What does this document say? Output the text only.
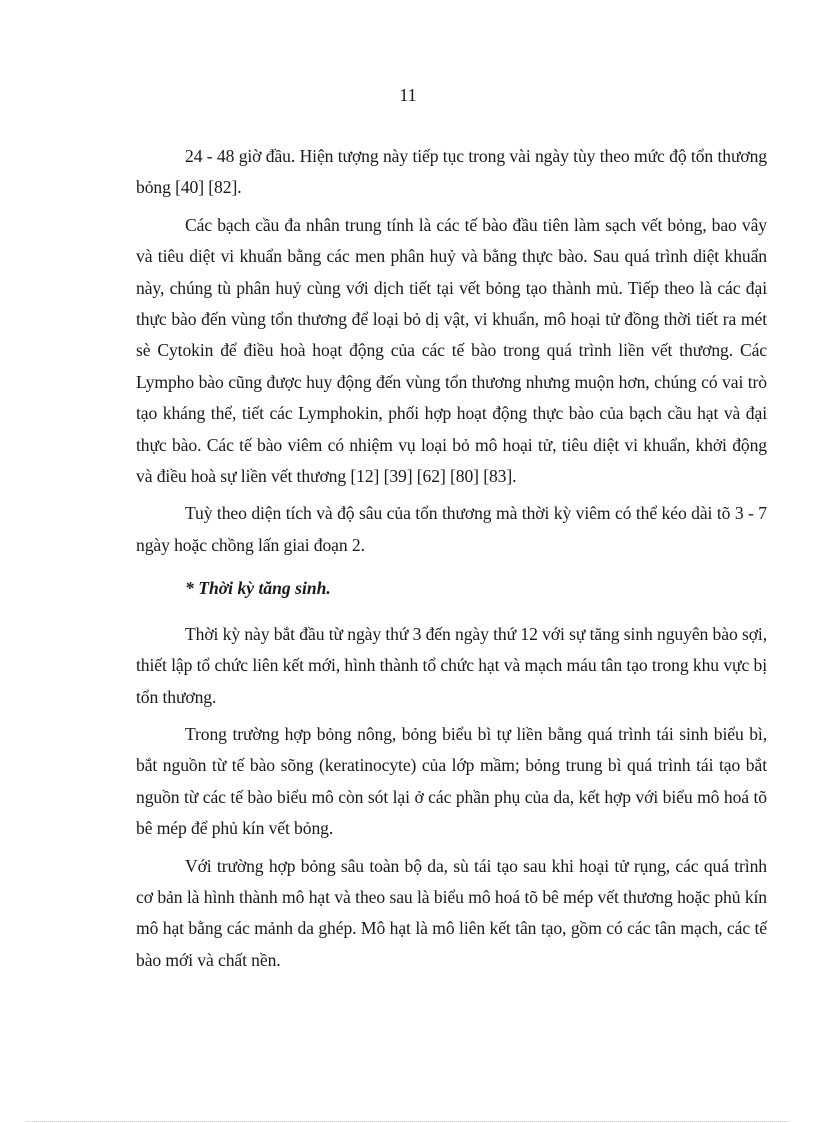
11

24 - 48 giờ đầu. Hiện tượng này tiếp tục trong vài ngày tùy theo mức độ tổn thương bỏng [40] [82].

Các bạch cầu đa nhân trung tính là các tế bào đầu tiên làm sạch vết bỏng, bao vây và tiêu diệt vi khuẩn bằng các men phân huỷ và bằng thực bào. Sau quá trình diệt khuẩn này, chúng tù phân huỷ cùng với dịch tiết tại vết bỏng tạo thành mủ. Tiếp theo là các đại thực bào đến vùng tổn thương để loại bỏ dị vật, vi khuẩn, mô hoại tử đồng thời tiết ra mét sè Cytokin để điều hoà hoạt động của các tế bào trong quá trình liền vết thương. Các Lympho bào cũng được huy động đến vùng tổn thương nhưng muộn hơn, chúng có vai trò tạo kháng thể, tiết các Lymphokin, phối hợp hoạt động thực bào của bạch cầu hạt và đại thực bào. Các tế bào viêm có nhiệm vụ loại bỏ mô hoại tử, tiêu diệt vi khuẩn, khởi động và điều hoà sự liền vết thương [12] [39] [62] [80] [83].

Tuỳ theo diện tích và độ sâu của tổn thương mà thời kỳ viêm có thể kéo dài tõ 3 - 7 ngày hoặc chồng lấn giai đoạn 2.

* Thời kỳ tăng sinh.

Thời kỳ này bắt đầu từ ngày thứ 3 đến ngày thứ 12 với sự tăng sinh nguyên bào sợi, thiết lập tổ chức liên kết mới, hình thành tổ chức hạt và mạch máu tân tạo trong khu vực bị tổn thương.

Trong trường hợp bỏng nông, bỏng biểu bì tự liền bằng quá trình tái sinh biểu bì, bắt nguồn từ tế bào sõng (keratinocyte) của lớp mầm; bỏng trung bì quá trình tái tạo bắt nguồn từ các tế bào biểu mô còn sót lại ở các phần phụ của da, kết hợp với biểu mô hoá tõ bê mép để phủ kín vết bỏng.

Với trường hợp bỏng sâu toàn bộ da, sù tái tạo sau khi hoại tử rụng, các quá trình cơ bản là hình thành mô hạt và theo sau là biểu mô hoá tõ bê mép vết thương hoặc phủ kín mô hạt bằng các mảnh da ghép. Mô hạt là mô liên kết tân tạo, gồm có các tân mạch, các tế bào mới và chất nền.
